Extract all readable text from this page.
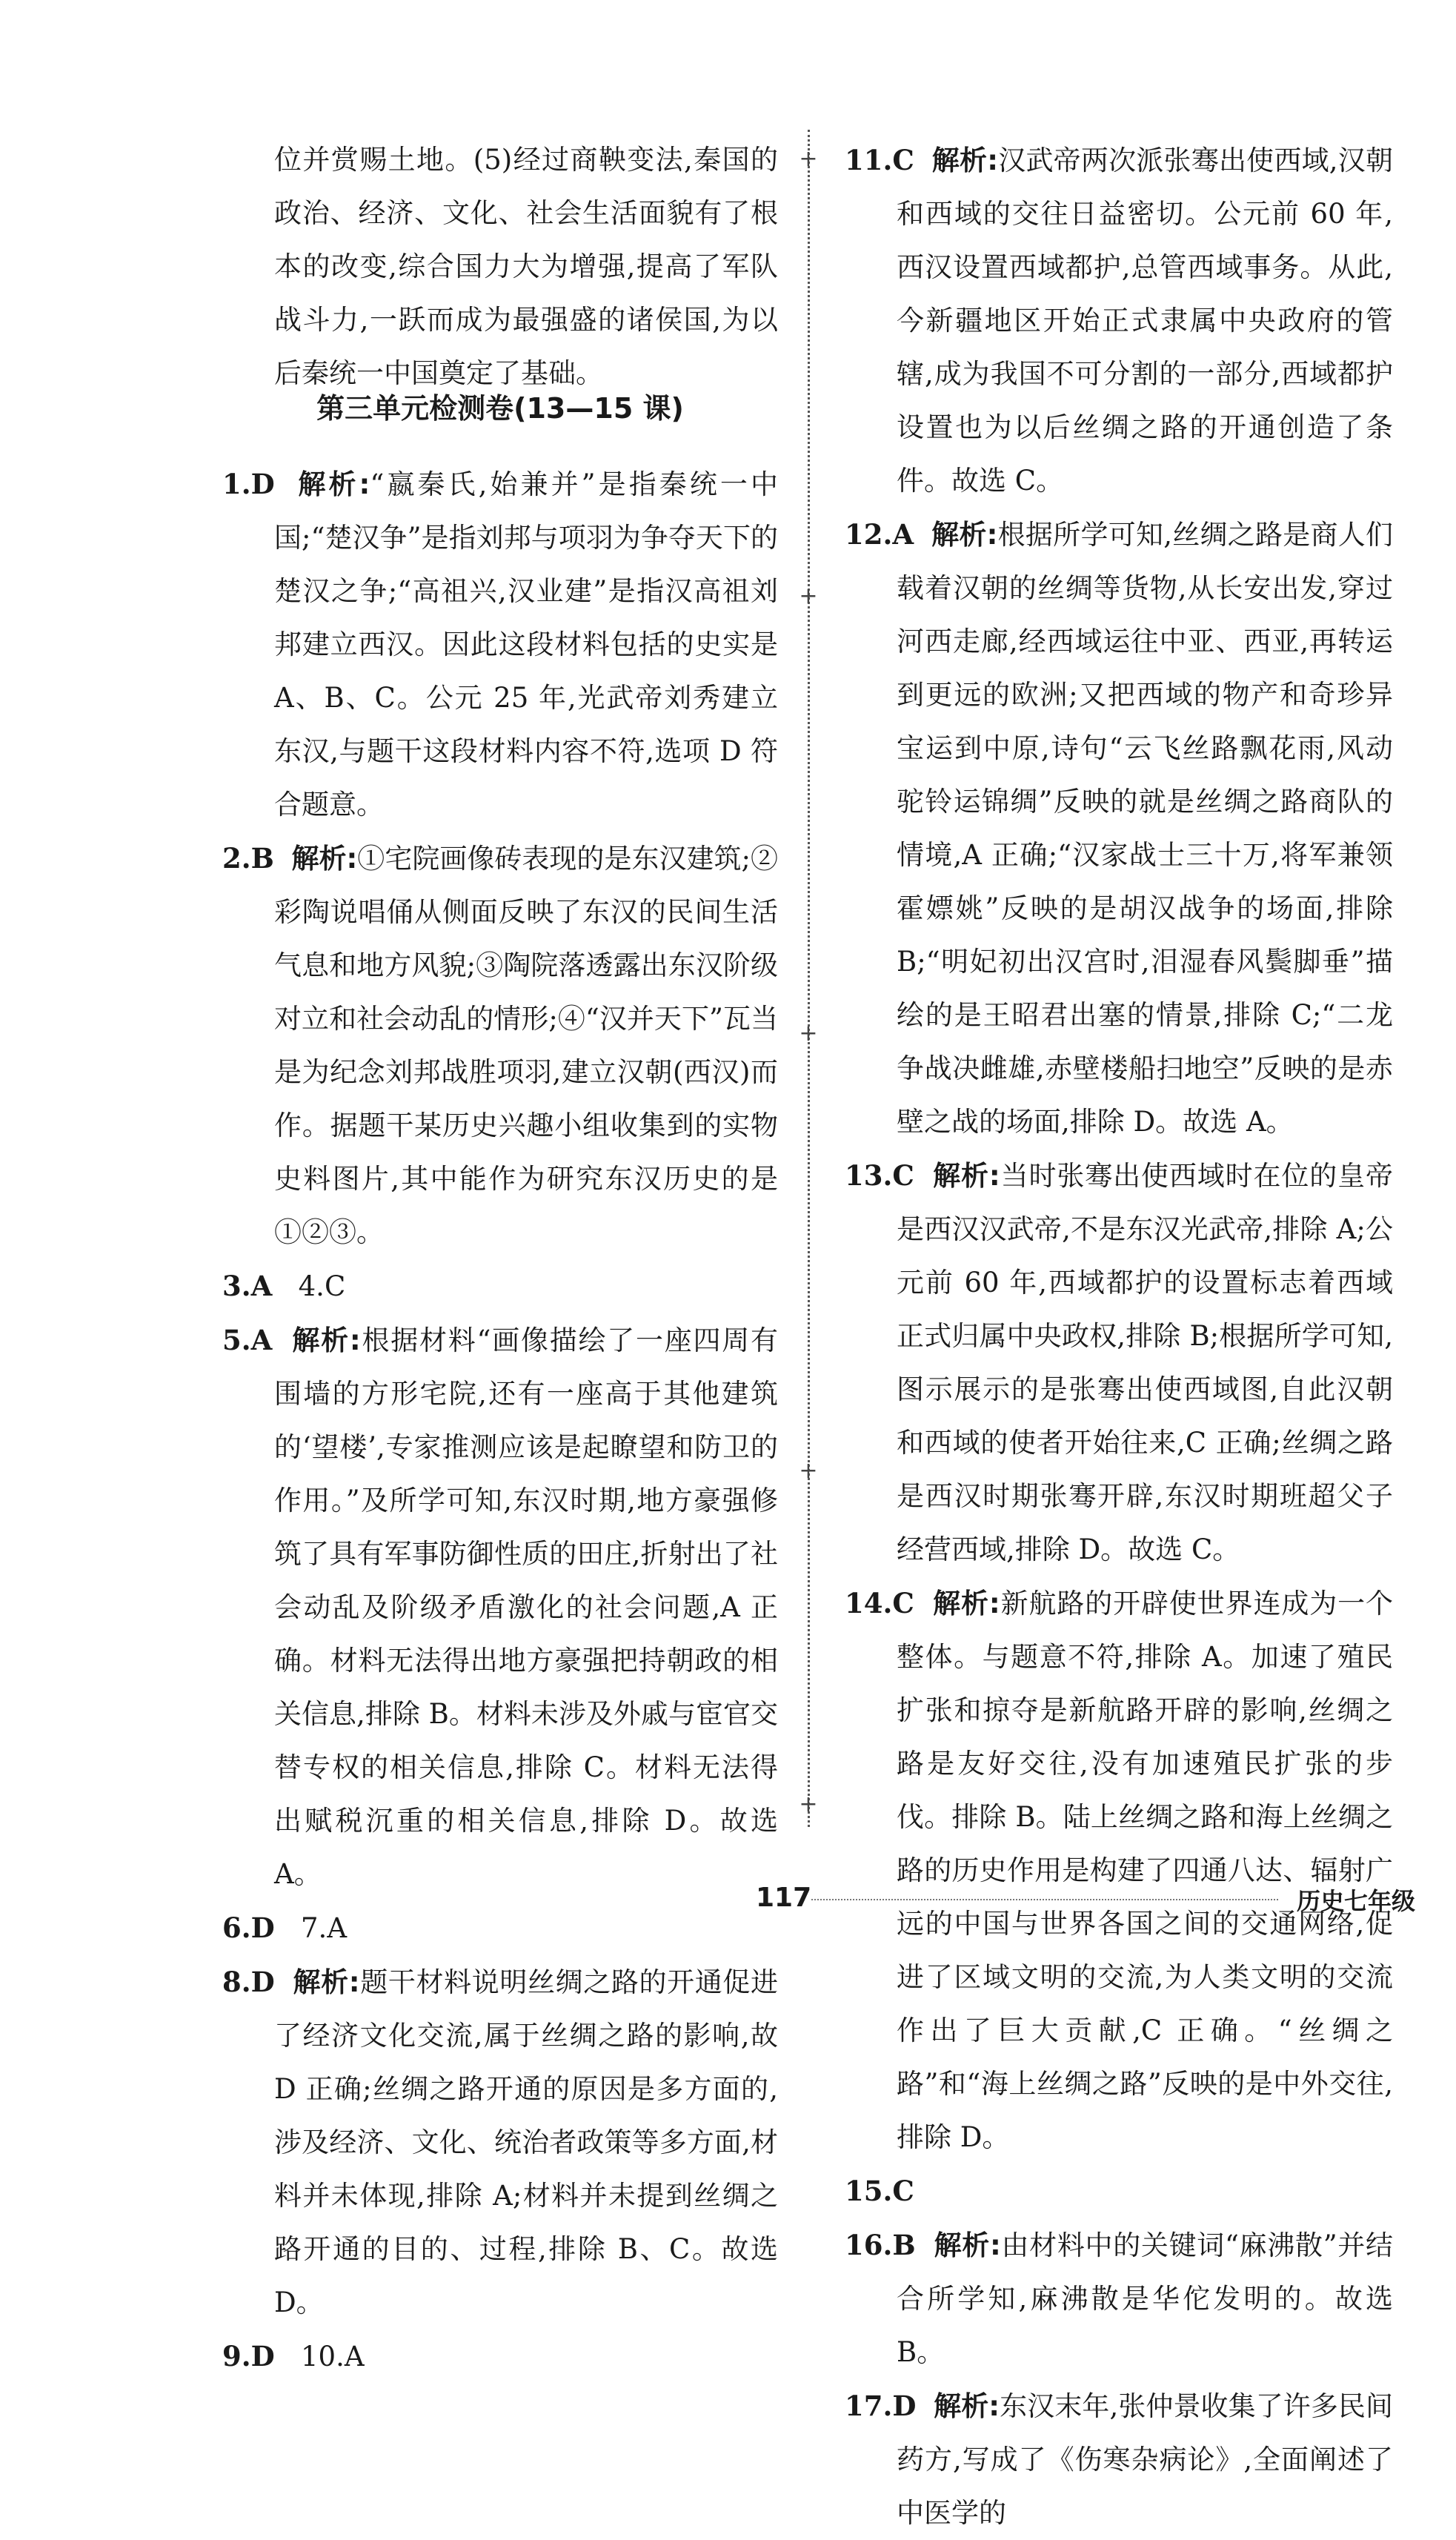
位并赏赐土地。(5)经过商鞅变法,秦国的政治、经济、文化、社会生活面貌有了根本的改变,综合国力大为增强,提高了军队战斗力,一跃而成为最强盛的诸侯国,为以后秦统一中国奠定了基础。

第三单元检测卷(13—15 课)

1.D 解析:“嬴秦氏,始兼并”是指秦统一中国;“楚汉争”是指刘邦与项羽为争夺天下的楚汉之争;“高祖兴,汉业建”是指汉高祖刘邦建立西汉。因此这段材料包括的史实是 A、B、C。公元 25 年,光武帝刘秀建立东汉,与题干这段材料内容不符,选项 D 符合题意。

2.B 解析:①宅院画像砖表现的是东汉建筑;②彩陶说唱俑从侧面反映了东汉的民间生活气息和地方风貌;③陶院落透露出东汉阶级对立和社会动乱的情形;④“汉并天下”瓦当是为纪念刘邦战胜项羽,建立汉朝(西汉)而作。据题干某历史兴趣小组收集到的实物史料图片,其中能作为研究东汉历史的是①②③。

3.A 4.C

5.A 解析:根据材料“画像描绘了一座四周有围墙的方形宅院,还有一座高于其他建筑的‘望楼’,专家推测应该是起瞭望和防卫的作用。”及所学可知,东汉时期,地方豪强修筑了具有军事防御性质的田庄,折射出了社会动乱及阶级矛盾激化的社会问题,A 正确。材料无法得出地方豪强把持朝政的相关信息,排除 B。材料未涉及外戚与宦官交替专权的相关信息,排除 C。材料无法得出赋税沉重的相关信息,排除 D。故选 A。

6.D 7.A

8.D 解析:题干材料说明丝绸之路的开通促进了经济文化交流,属于丝绸之路的影响,故 D 正确;丝绸之路开通的原因是多方面的,涉及经济、文化、统治者政策等多方面,材料并未体现,排除 A;材料并未提到丝绸之路开通的目的、过程,排除 B、C。故选 D。

9.D 10.A

+
+
+
+
+

11.C 解析:汉武帝两次派张骞出使西域,汉朝和西域的交往日益密切。公元前 60 年,西汉设置西域都护,总管西域事务。从此,今新疆地区开始正式隶属中央政府的管辖,成为我国不可分割的一部分,西域都护设置也为以后丝绸之路的开通创造了条件。故选 C。

12.A 解析:根据所学可知,丝绸之路是商人们载着汉朝的丝绸等货物,从长安出发,穿过河西走廊,经西域运往中亚、西亚,再转运到更远的欧洲;又把西域的物产和奇珍异宝运到中原,诗句“云飞丝路飘花雨,风动驼铃运锦绸”反映的就是丝绸之路商队的情境,A 正确;“汉家战士三十万,将军兼领霍嫖姚”反映的是胡汉战争的场面,排除 B;“明妃初出汉宫时,泪湿春风鬓脚垂”描绘的是王昭君出塞的情景,排除 C;“二龙争战决雌雄,赤壁楼船扫地空”反映的是赤壁之战的场面,排除 D。故选 A。

13.C 解析:当时张骞出使西域时在位的皇帝是西汉汉武帝,不是东汉光武帝,排除 A;公元前 60 年,西域都护的设置标志着西域正式归属中央政权,排除 B;根据所学可知,图示展示的是张骞出使西域图,自此汉朝和西域的使者开始往来,C 正确;丝绸之路是西汉时期张骞开辟,东汉时期班超父子经营西域,排除 D。故选 C。

14.C 解析:新航路的开辟使世界连成为一个整体。与题意不符,排除 A。加速了殖民扩张和掠夺是新航路开辟的影响,丝绸之路是友好交往,没有加速殖民扩张的步伐。排除 B。陆上丝绸之路和海上丝绸之路的历史作用是构建了四通八达、辐射广远的中国与世界各国之间的交通网络,促进了区域文明的交流,为人类文明的交流作出了巨大贡献,C 正确。“丝绸之路”和“海上丝绸之路”反映的是中外交往,排除 D。

15.C

16.B 解析:由材料中的关键词“麻沸散”并结合所学知,麻沸散是华佗发明的。故选 B。

17.D 解析:东汉末年,张仲景收集了许多民间药方,写成了《伤寒杂病论》,全面阐述了中医学的

117	历史七年级
